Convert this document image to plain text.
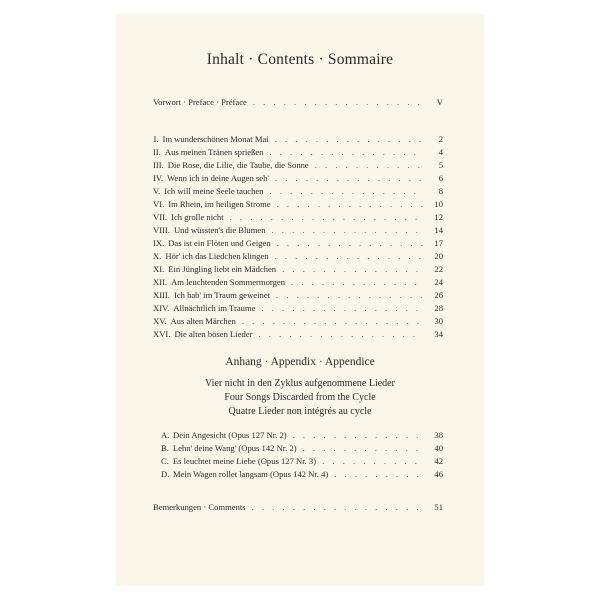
Inhalt · Contents · Sommaire
Vorwort · Preface · Préface . . .	V
I. Im wunderschönen Monat Mai . . .	2
II. Aus meinen Tränen sprießen . . .	4
III. Die Rose, die Lilie, die Taube, die Sonne . . .	5
IV. Wenn ich in deine Augen seh' . . .	6
V. Ich will meine Seele tauchen . . .	8
VI. Im Rhein, im heiligen Strome . . .	10
VII. Ich grolle nicht . . .	12
VIII. Und wüssten's die Blumen . . .	14
IX. Das ist ein Flöten und Geigen . . .	17
X. Hör' ich das Liedchen klingen . . .	20
XI. Ein Jüngling liebt ein Mädchen . . .	22
XII. Am leuchtenden Sommermorgen . . .	24
XIII. Ich hab' im Traum geweinet . . .	26
XIV. Allnächtlich im Traume . . .	28
XV. Aus alten Märchen . . .	30
XVI. Die alten bösen Lieder . . .	34
Anhang · Appendix · Appendice
Vier nicht in den Zyklus aufgenommene Lieder
Four Songs Discarded from the Cycle
Quatre Lieder non intégrés au cycle
A. Dein Angesicht (Opus 127 Nr. 2) . . .	38
B. Lehn' deine Wang' (Opus 142 Nr. 2) . . .	40
C. Es leuchtet meine Liebe (Opus 127 Nr. 3) . . .	42
D. Mein Wagen rollet langsam (Opus 142 Nr. 4) . . .	46
Bemerkungen · Comments . . .	51
